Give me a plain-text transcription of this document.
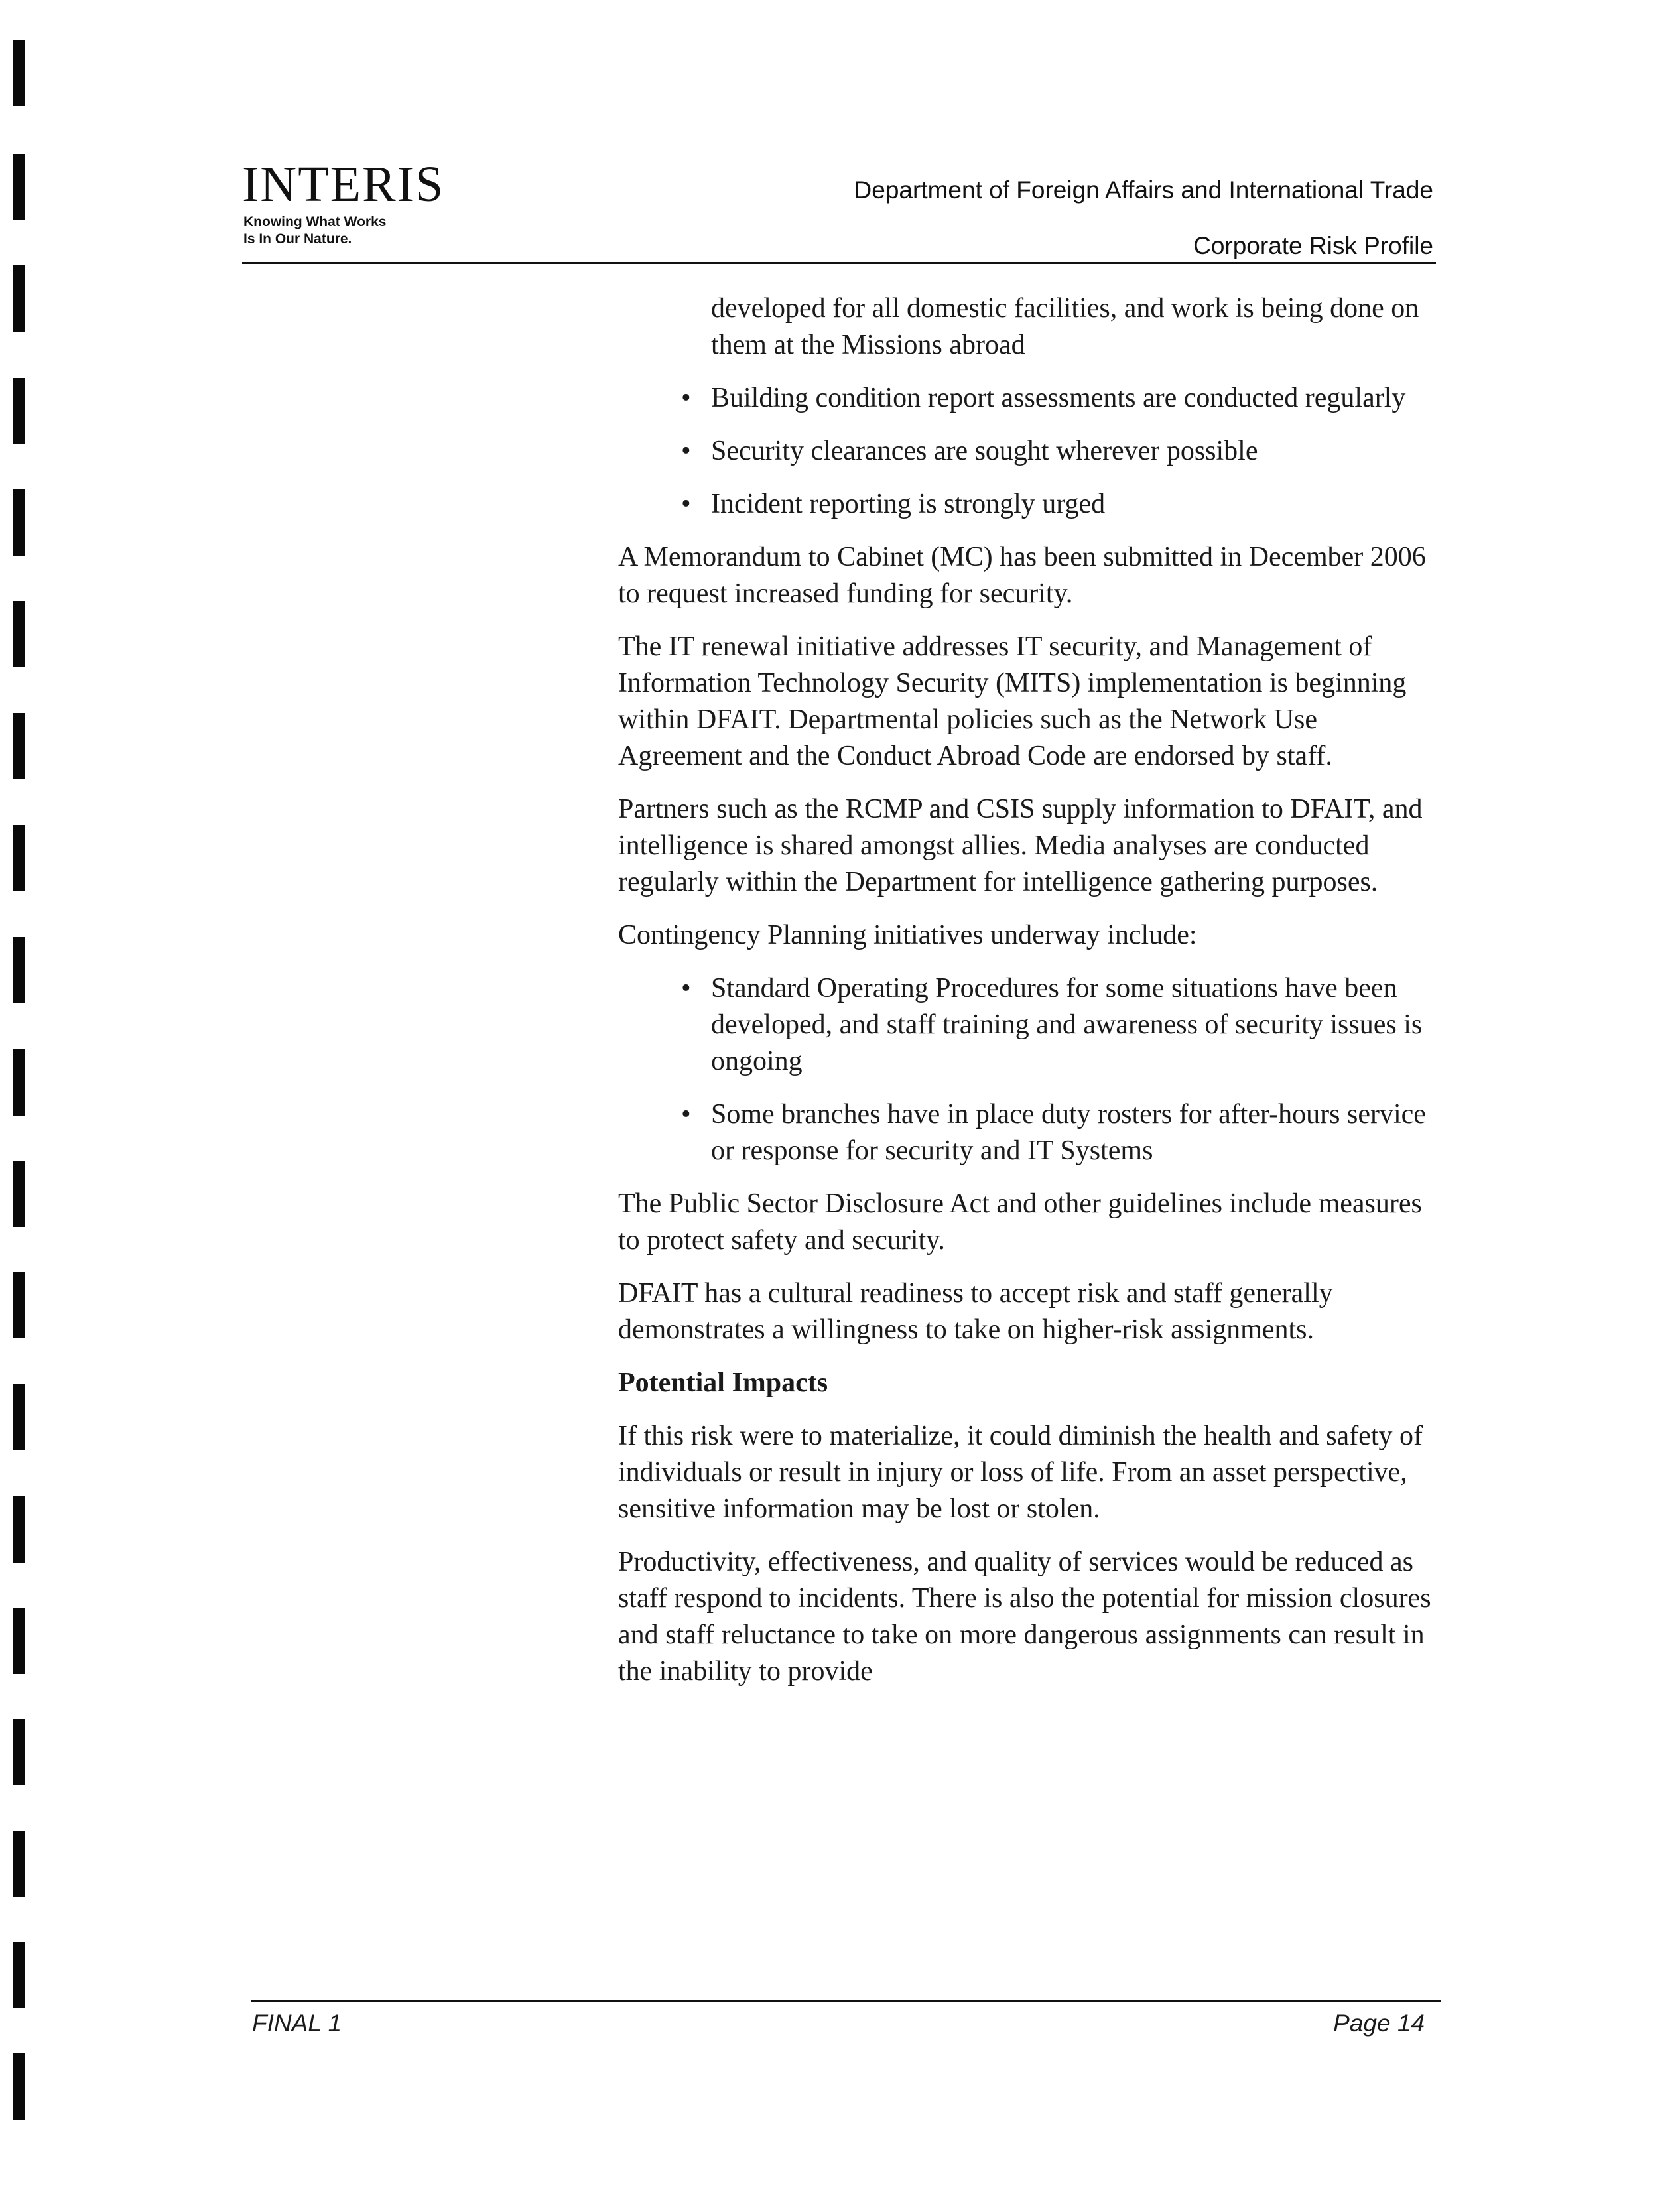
INTERIS
Knowing What Works
Is In Our Nature.
Department of Foreign Affairs and International Trade
Corporate Risk Profile
developed for all domestic facilities, and work is being done on them at the Missions abroad
• Building condition report assessments are conducted regularly
• Security clearances are sought wherever possible
• Incident reporting is strongly urged

A Memorandum to Cabinet (MC) has been submitted in December 2006 to request increased funding for security.

The IT renewal initiative addresses IT security, and Management of Information Technology Security (MITS) implementation is beginning within DFAIT. Departmental policies such as the Network Use Agreement and the Conduct Abroad Code are endorsed by staff.

Partners such as the RCMP and CSIS supply information to DFAIT, and intelligence is shared amongst allies. Media analyses are conducted regularly within the Department for intelligence gathering purposes.

Contingency Planning initiatives underway include:

• Standard Operating Procedures for some situations have been developed, and staff training and awareness of security issues is ongoing
• Some branches have in place duty rosters for after-hours service or response for security and IT Systems

The Public Sector Disclosure Act and other guidelines include measures to protect safety and security.

DFAIT has a cultural readiness to accept risk and staff generally demonstrates a willingness to take on higher-risk assignments.

Potential Impacts

If this risk were to materialize, it could diminish the health and safety of individuals or result in injury or loss of life. From an asset perspective, sensitive information may be lost or stolen.

Productivity, effectiveness, and quality of services would be reduced as staff respond to incidents. There is also the potential for mission closures and staff reluctance to take on more dangerous assignments can result in the inability to provide

FINAL 1	Page 14
